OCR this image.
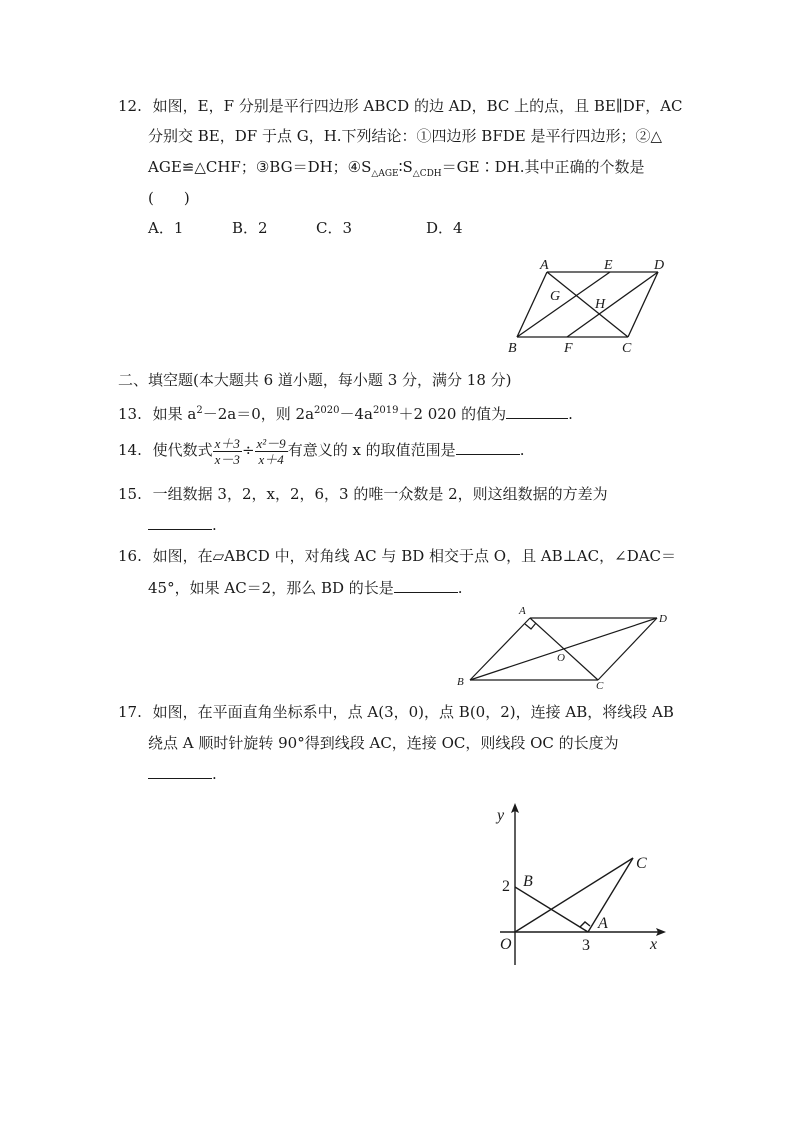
12. 如图，E，F 分别是平行四边形 ABCD 的边 AD，BC 上的点，且 BE∥DF，AC
分别交 BE，DF 于点 G，H.下列结论：①四边形 BFDE 是平行四边形；②△
AGE≌△CHF；③BG＝DH；$④S_{\triangle AGE}∶S_{\triangle CDH}=GE∶DH$.其中正确的个数是
(　　)
A．1	B．2	C．3	D．4
A	E	D
G
H
B	F	C
二、填空题(本大题共 6 道小题，每小题 3 分，满分 18 分)
13. 如果 $a^2-2a=0$，则 $2a^{2020}-4a^{2019}+2$ 020 的值为	.
14. 使代数式 $\frac{x+3}{x-3} \div \frac{\text{x²－9}}{x+4}$ 有意义的 x 的取值范围是	.
15. 一组数据 3，2，x，2，6，3 的唯一众数是 2，则这组数据的方差为
.
16. 如图，在▱ABCD 中，对角线 AC 与 BD 相交于点 O，且 AB⊥AC，∠DAC＝
45°，如果 AC＝2，那么 BD 的长是	.
A
D
O
B	C
17. 如图，在平面直角坐标系中，点 A(3，0)，点 B(0，2)，连接 AB，将线段 AB
绕点 A 顺时针旋转 90°得到线段 AC，连接 OC，则线段 OC 的长度为
.
y
x
O
B
A
C
2
3
